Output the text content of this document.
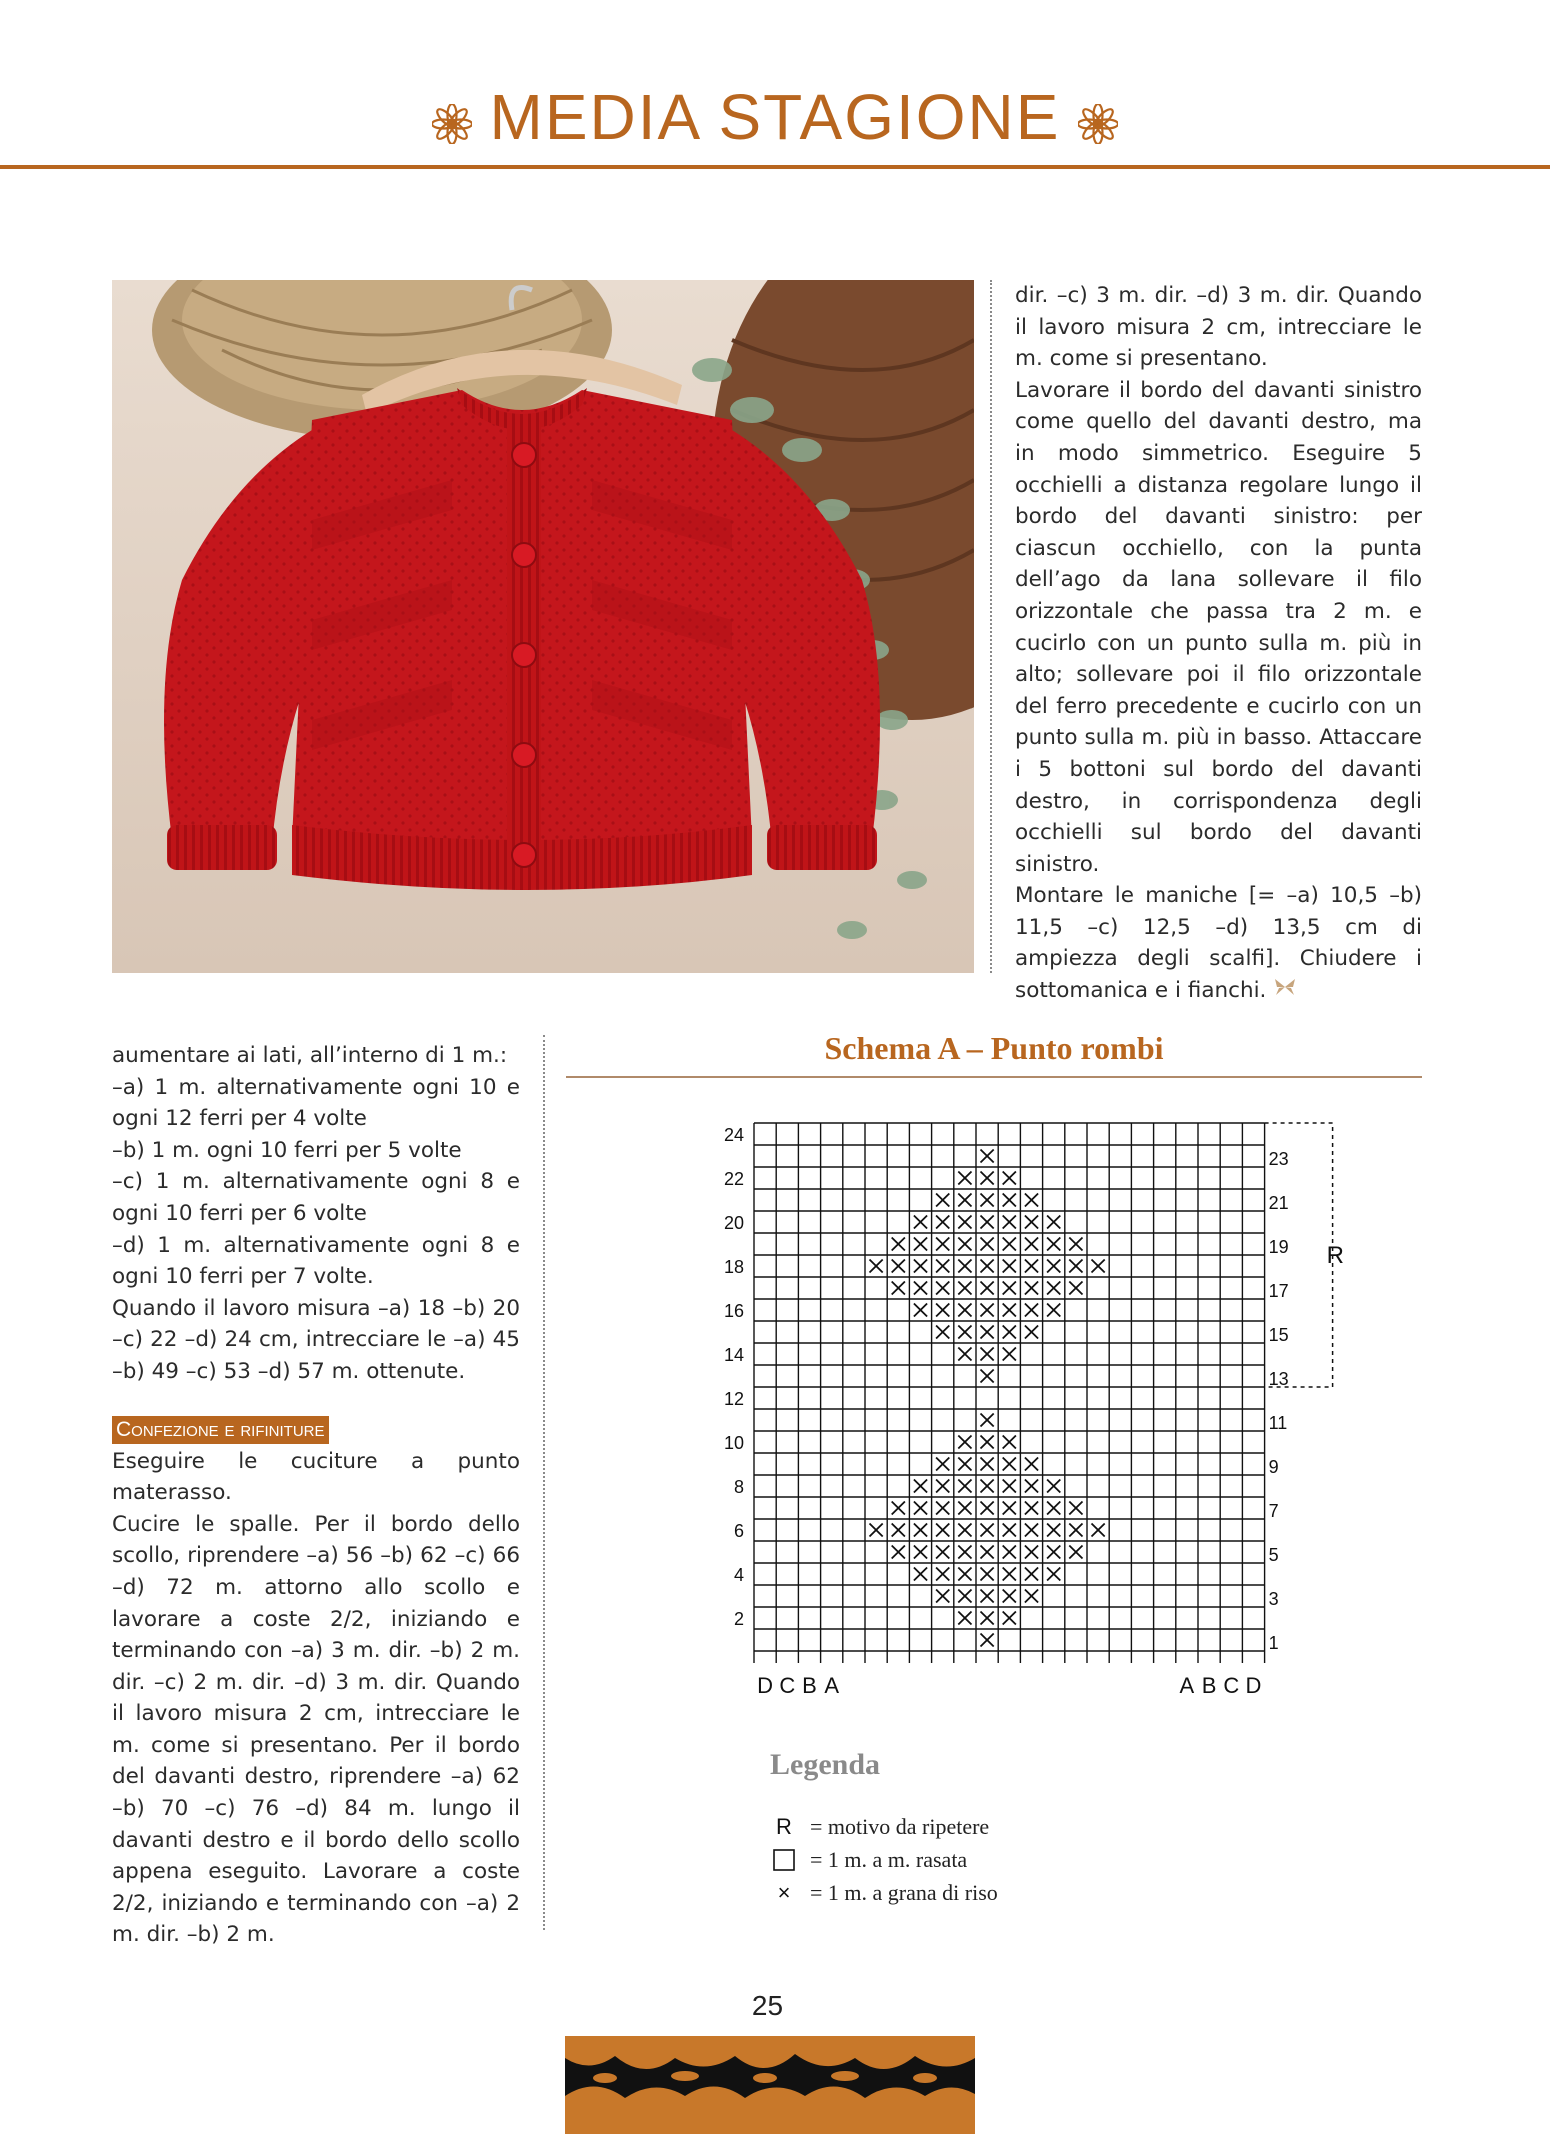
MEDIA STAGIONE

dir. –c) 3 m. dir. –d) 3 m. dir. Quando il lavoro misura 2 cm, intrecciare le m. come si presentano.

Lavorare il bordo del davanti sinistro come quello del davanti destro, ma in modo simmetrico. Eseguire 5 occhielli a distanza regolare lungo il bordo del davanti sinistro: per ciascun occhiello, con la punta dell’ago da lana sollevare il filo orizzontale che passa tra 2 m. e cucirlo con un punto sulla m. più in alto; sollevare poi il filo orizzontale del ferro precedente e cucirlo con un punto sulla m. più in basso. Attaccare i 5 bottoni sul bordo del davanti destro, in corrispondenza degli occhielli sul bordo del davanti sinistro.

Montare le maniche [= –a) 10,5 –b) 11,5 –c) 12,5 –d) 13,5 cm di ampiezza degli scalfi]. Chiudere i sottomanica e i fianchi.

aumentare ai lati, all’interno di 1 m.:

–a) 1 m. alternativamente ogni 10 e ogni 12 ferri per 4 volte

–b) 1 m. ogni 10 ferri per 5 volte

–c) 1 m. alternativamente ogni 8 e ogni 10 ferri per 6 volte

–d) 1 m. alternativamente ogni 8 e ogni 10 ferri per 7 volte.

Quando il lavoro misura –a) 18 –b) 20 –c) 22 –d) 24 cm, intrecciare le –a) 45 –b) 49 –c) 53 –d) 57 m. ottenute.

Confezione e rifiniture

Eseguire le cuciture a punto materasso.

Cucire le spalle. Per il bordo dello scollo, riprendere –a) 56 –b) 62 –c) 66 –d) 72 m. attorno allo scollo e lavorare a coste 2/2, iniziando e terminando con –a) 3 m. dir. –b) 2 m. dir. –c) 2 m. dir. –d) 3 m. dir. Quando il lavoro misura 2 cm, intrecciare le m. come si presentano. Per il bordo del davanti destro, riprendere –a) 62 –b) 70 –c) 76 –d) 84 m. lungo il davanti destro e il bordo dello scollo appena eseguito. Lavorare a coste 2/2, iniziando e terminando con –a) 2 m. dir. –b) 2 m.

Schema A – Punto rombi
24
22
20
18
16
14
12
10
8
6
4
2
23
21
19
17
15
13
11
9
7
5
3
1
R
D C B A	A B C D
Legenda
R = motivo da ripetere
= 1 m. a m. rasata
× = 1 m. a grana di riso
25
